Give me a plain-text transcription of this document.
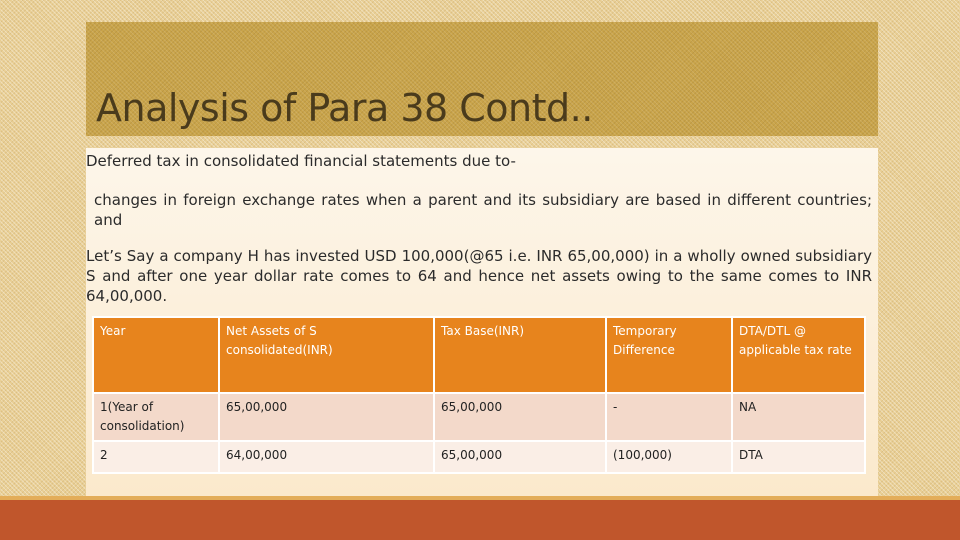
Analysis of Para 38 Contd..

Deferred tax in consolidated financial statements due to-

changes in foreign exchange rates when a parent and its subsidiary are based in different countries; and

Let’s Say a company H has invested USD 100,000(@65 i.e. INR 65,00,000) in a wholly owned subsidiary S and after one year dollar rate comes to 64 and hence net assets owing to the same comes to INR 64,00,000.

Year	Net Assets of S consolidated(INR)	Tax Base(INR)	Temporary Difference	DTA/DTL @ applicable tax rate
1(Year of consolidation)	65,00,000	65,00,000	-	NA
2	64,00,000	65,00,000	(100,000)	DTA
